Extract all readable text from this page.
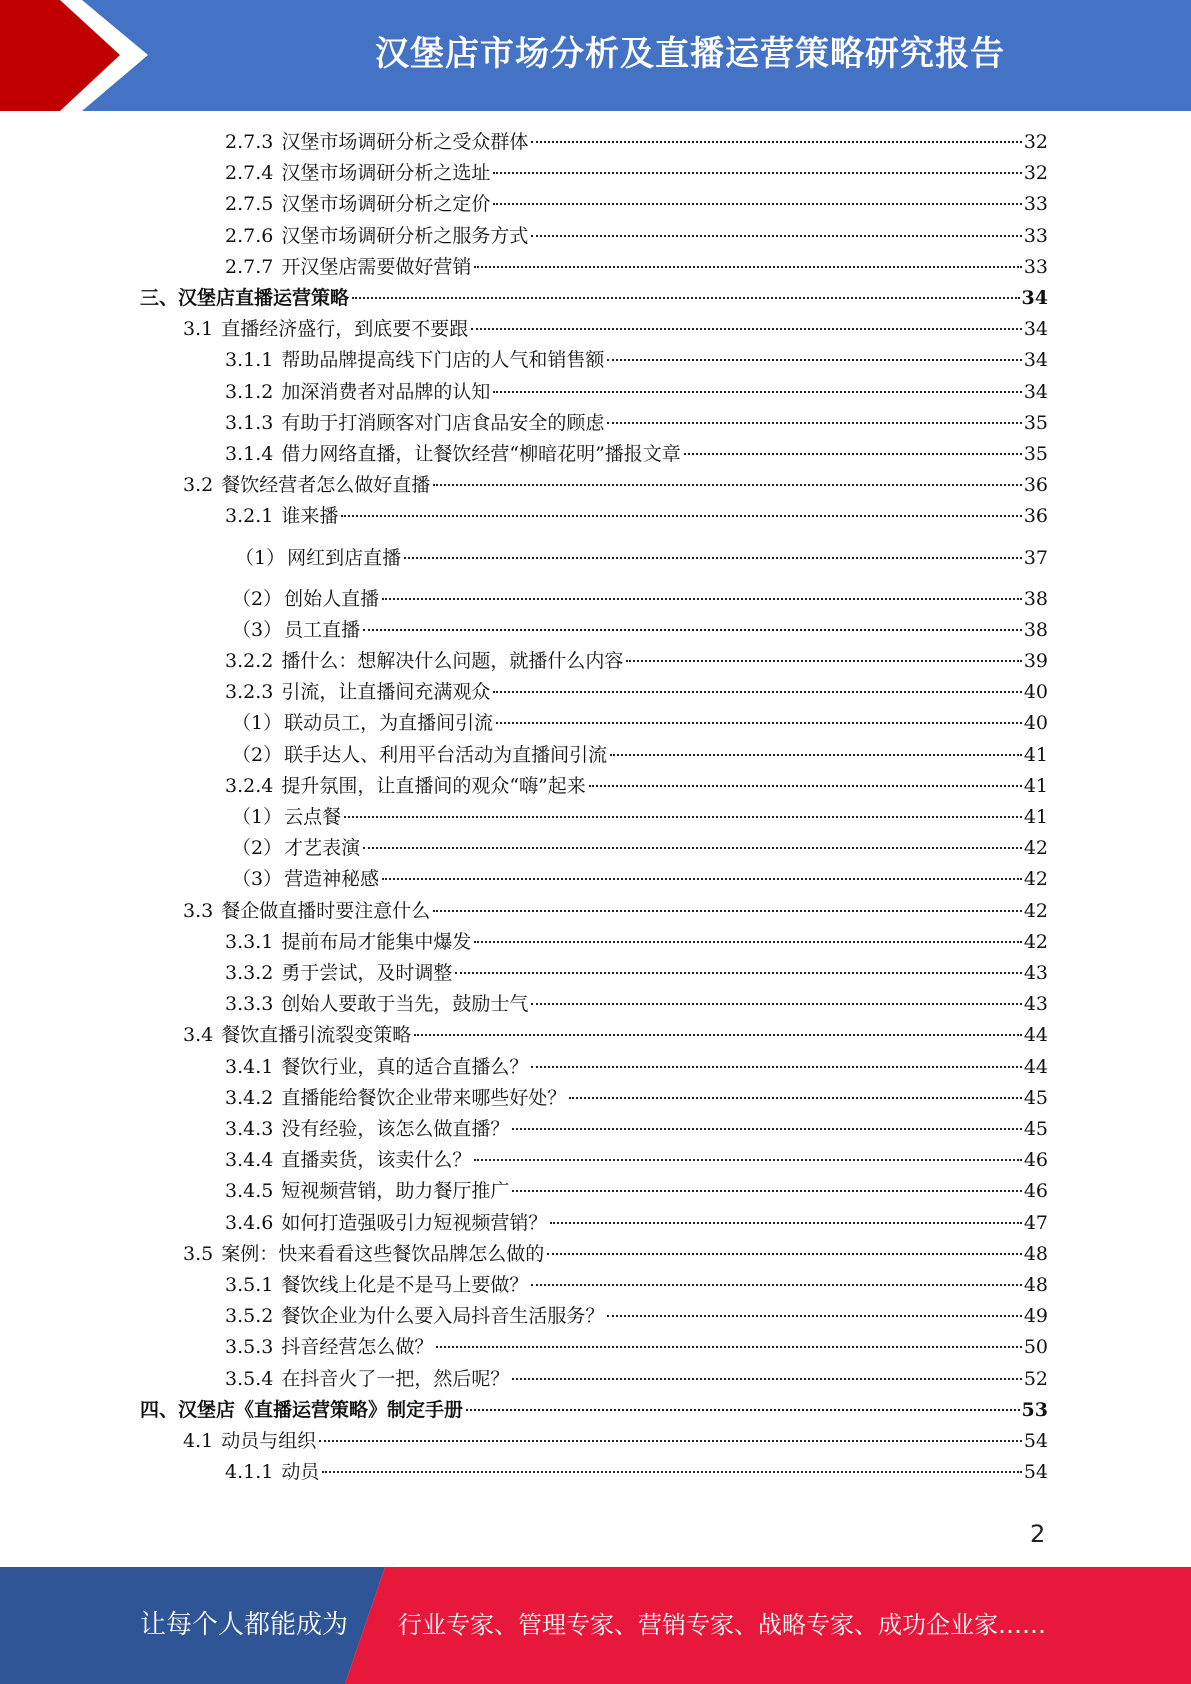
汉堡店市场分析及直播运营策略研究报告
2.7.3 汉堡市场调研分析之受众群体	32
2.7.4 汉堡市场调研分析之选址	32
2.7.5 汉堡市场调研分析之定价	33
2.7.6 汉堡市场调研分析之服务方式	33
2.7.7 开汉堡店需要做好营销	33
三、汉堡店直播运营策略	34
3.1 直播经济盛行，到底要不要跟	34
3.1.1 帮助品牌提高线下门店的人气和销售额	34
3.1.2 加深消费者对品牌的认知	34
3.1.3 有助于打消顾客对门店食品安全的顾虑	35
3.1.4 借力网络直播，让餐饮经营“柳暗花明”播报文章	35
3.2 餐饮经营者怎么做好直播	36
3.2.1 谁来播	36
（1） 网红到店直播	37
（2） 创始人直播	38
（3） 员工直播	38
3.2.2 播什么：想解决什么问题，就播什么内容	39
3.2.3 引流，让直播间充满观众	40
（1） 联动员工，为直播间引流	40
（2） 联手达人、利用平台活动为直播间引流	41
3.2.4 提升氛围，让直播间的观众“嗨”起来	41
（1） 云点餐	41
（2） 才艺表演	42
（3） 营造神秘感	42
3.3 餐企做直播时要注意什么	42
3.3.1 提前布局才能集中爆发	42
3.3.2 勇于尝试，及时调整	43
3.3.3 创始人要敢于当先，鼓励士气	43
3.4 餐饮直播引流裂变策略	44
3.4.1 餐饮行业，真的适合直播么？	44
3.4.2 直播能给餐饮企业带来哪些好处？	45
3.4.3 没有经验，该怎么做直播？	45
3.4.4 直播卖货，该卖什么？	46
3.4.5 短视频营销，助力餐厅推广	46
3.4.6 如何打造强吸引力短视频营销？	47
3.5 案例：快来看看这些餐饮品牌怎么做的	48
3.5.1 餐饮线上化是不是马上要做？	48
3.5.2 餐饮企业为什么要入局抖音生活服务？	49
3.5.3 抖音经营怎么做？	50
3.5.4 在抖音火了一把，然后呢？	52
四、汉堡店《直播运营策略》制定手册	53
4.1 动员与组织	54
4.1.1 动员	54
2
让每个人都能成为 行业专家、管理专家、营销专家、战略专家、成功企业家……
